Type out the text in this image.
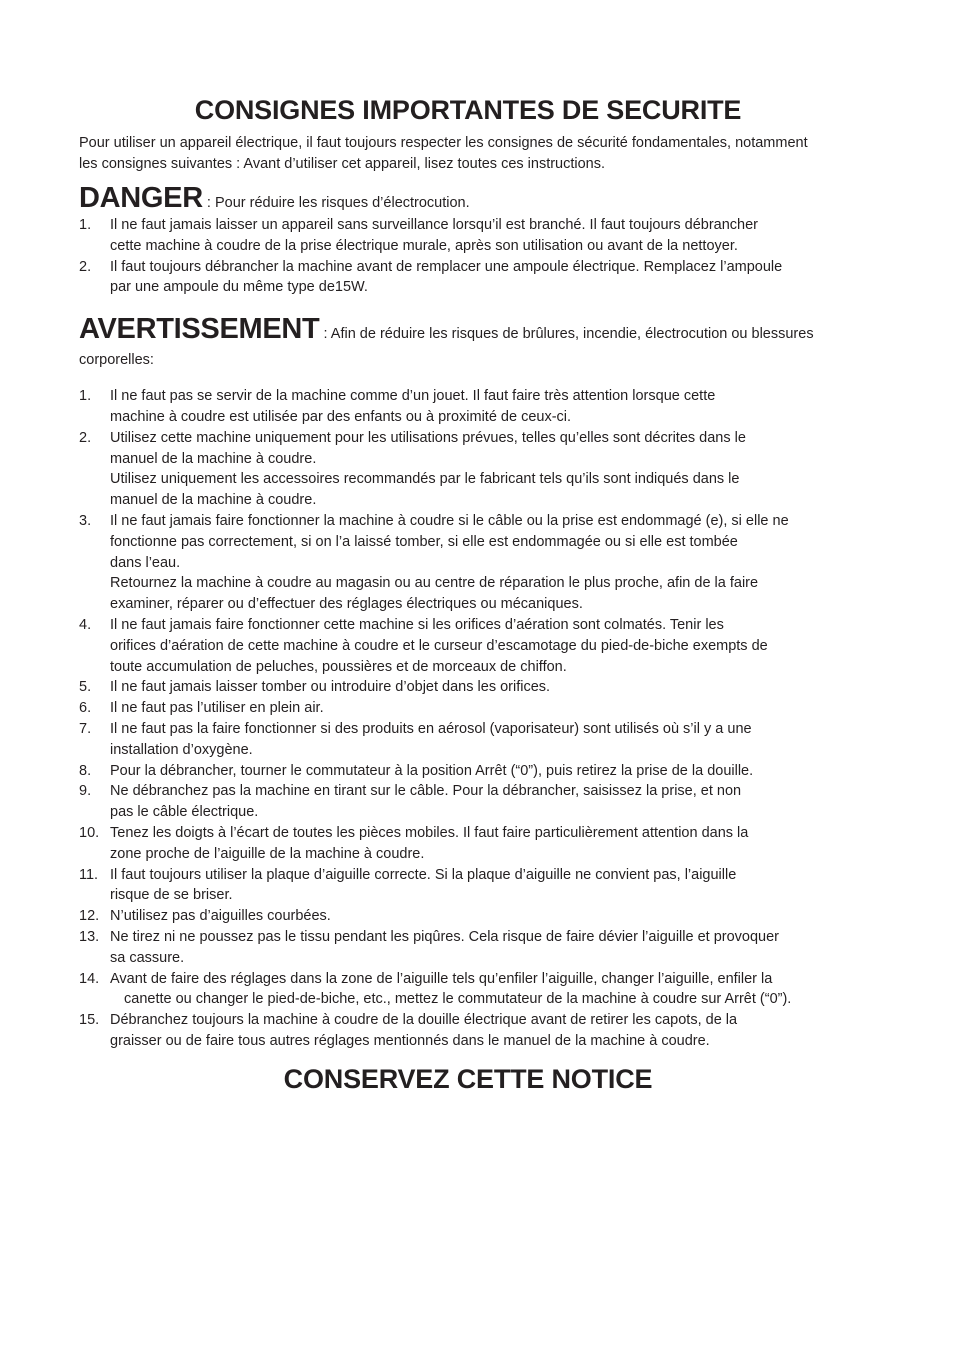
CONSIGNES IMPORTANTES DE SECURITE

Pour utiliser un appareil électrique, il faut toujours respecter les consignes de sécurité fondamentales, notamment
les consignes suivantes : Avant d’utiliser cet appareil, lisez toutes ces instructions.

DANGER : Pour réduire les risques d’électrocution.
1. Il ne faut jamais laisser un appareil sans surveillance lorsqu’il est branché. Il faut toujours débrancher
cette machine à coudre de la prise électrique murale, après son utilisation ou avant de la nettoyer.
2. Il faut toujours débrancher la machine avant de remplacer une ampoule électrique. Remplacez l’ampoule
par une ampoule du même type de15W.
AVERTISSEMENT : Afin de réduire les risques de brûlures, incendie, électrocution ou blessures
corporelles:
1. Il ne faut pas se servir de la machine comme d’un jouet. Il faut faire très attention lorsque cette
machine à coudre est utilisée par des enfants ou à proximité de ceux-ci.
2. Utilisez cette machine uniquement pour les utilisations prévues, telles qu’elles sont décrites dans le
manuel de la machine à coudre.
Utilisez uniquement les accessoires recommandés par le fabricant tels qu’ils sont indiqués dans le
manuel de la machine à coudre.
3. Il ne faut jamais faire fonctionner la machine à coudre si le câble ou la prise est endommagé (e), si elle ne
fonctionne pas correctement, si on l’a laissé tomber, si elle est endommagée ou si elle est tombée
dans l’eau.
Retournez la machine à coudre au magasin ou au centre de réparation le plus proche, afin de la faire
examiner, réparer ou d’effectuer des réglages électriques ou mécaniques.
4. Il ne faut jamais faire fonctionner cette machine si les orifices d’aération sont colmatés. Tenir les
orifices d’aération de cette machine à coudre et le curseur d’escamotage du pied-de-biche exempts de
toute accumulation de peluches, poussières et de morceaux de chiffon.
5. Il ne faut jamais laisser tomber ou introduire d’objet dans les orifices.
6. Il ne faut pas l’utiliser en plein air.
7. Il ne faut pas la faire fonctionner si des produits en aérosol (vaporisateur) sont utilisés où s’il y a une
installation d’oxygène.
8. Pour la débrancher, tourner le commutateur à la position Arrêt (“0”), puis retirez la prise de la douille.
9. Ne débranchez pas la machine en tirant sur le câble. Pour la débrancher, saisissez la prise, et non
pas le câble électrique.
10. Tenez les doigts à l’écart de toutes les pièces mobiles. Il faut faire particulièrement attention dans la
zone proche de l’aiguille de la machine à coudre.
11. Il faut toujours utiliser la plaque d’aiguille correcte. Si la plaque d’aiguille ne convient pas, l’aiguille
risque de se briser.
12. N’utilisez pas d’aiguilles courbées.
13. Ne tirez ni ne poussez pas le tissu pendant les piqûres. Cela risque de faire dévier l’aiguille et provoquer
sa cassure.
14. Avant de faire des réglages dans la zone de l’aiguille tels qu’enfiler l’aiguille, changer l’aiguille, enfiler la
canette ou changer le pied-de-biche, etc., mettez le commutateur de la machine à coudre sur Arrêt (“0”).
15. Débranchez toujours la machine à coudre de la douille électrique avant de retirer les capots, de la
graisser ou de faire tous autres réglages mentionnés dans le manuel de la machine à coudre.
CONSERVEZ CETTE NOTICE
